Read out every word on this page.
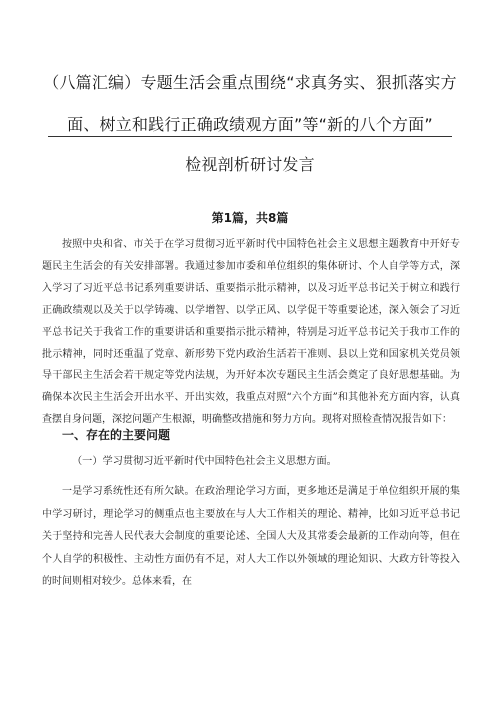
（八篇汇编）专题生活会重点围绕“求真务实、狠抓落实方
面、树立和践行正确政绩观方面”等“新的八个方面”
检视剖析研讨发言

第1篇，共8篇

按照中央和省、市关于在学习贯彻习近平新时代中国特色社会主义思想主题教育中开好专题民主生活会的有关安排部署。我通过参加市委和单位组织的集体研讨、个人自学等方式，深入学习了习近平总书记系列重要讲话、重要指示批示精神，以及习近平总书记关于树立和践行正确政绩观以及关于以学铸魂、以学增智、以学正风、以学促干等重要论述，深入领会了习近平总书记关于我省工作的重要讲话和重要指示批示精神，特别是习近平总书记关于我市工作的批示精神，同时还重温了党章、新形势下党内政治生活若干准则、县以上党和国家机关党员领导干部民主生活会若干规定等党内法规，为开好本次专题民主生活会奠定了良好思想基础。为确保本次民主生活会开出水平、开出实效，我重点对照“六个方面”和其他补充方面内容，认真查摆自身问题，深挖问题产生根源，明确整改措施和努力方向。现将对照检查情况报告如下：

一、存在的主要问题

（一）学习贯彻习近平新时代中国特色社会主义思想方面。

一是学习系统性还有所欠缺。在政治理论学习方面，更多地还是满足于单位组织开展的集中学习研讨，理论学习的侧重点也主要放在与人大工作相关的理论、精神，比如习近平总书记关于坚持和完善人民代表大会制度的重要论述、全国人大及其常委会最新的工作动向等，但在个人自学的积极性、主动性方面仍有不足，对人大工作以外领域的理论知识、大政方针等投入的时间则相对较少。总体来看，在
